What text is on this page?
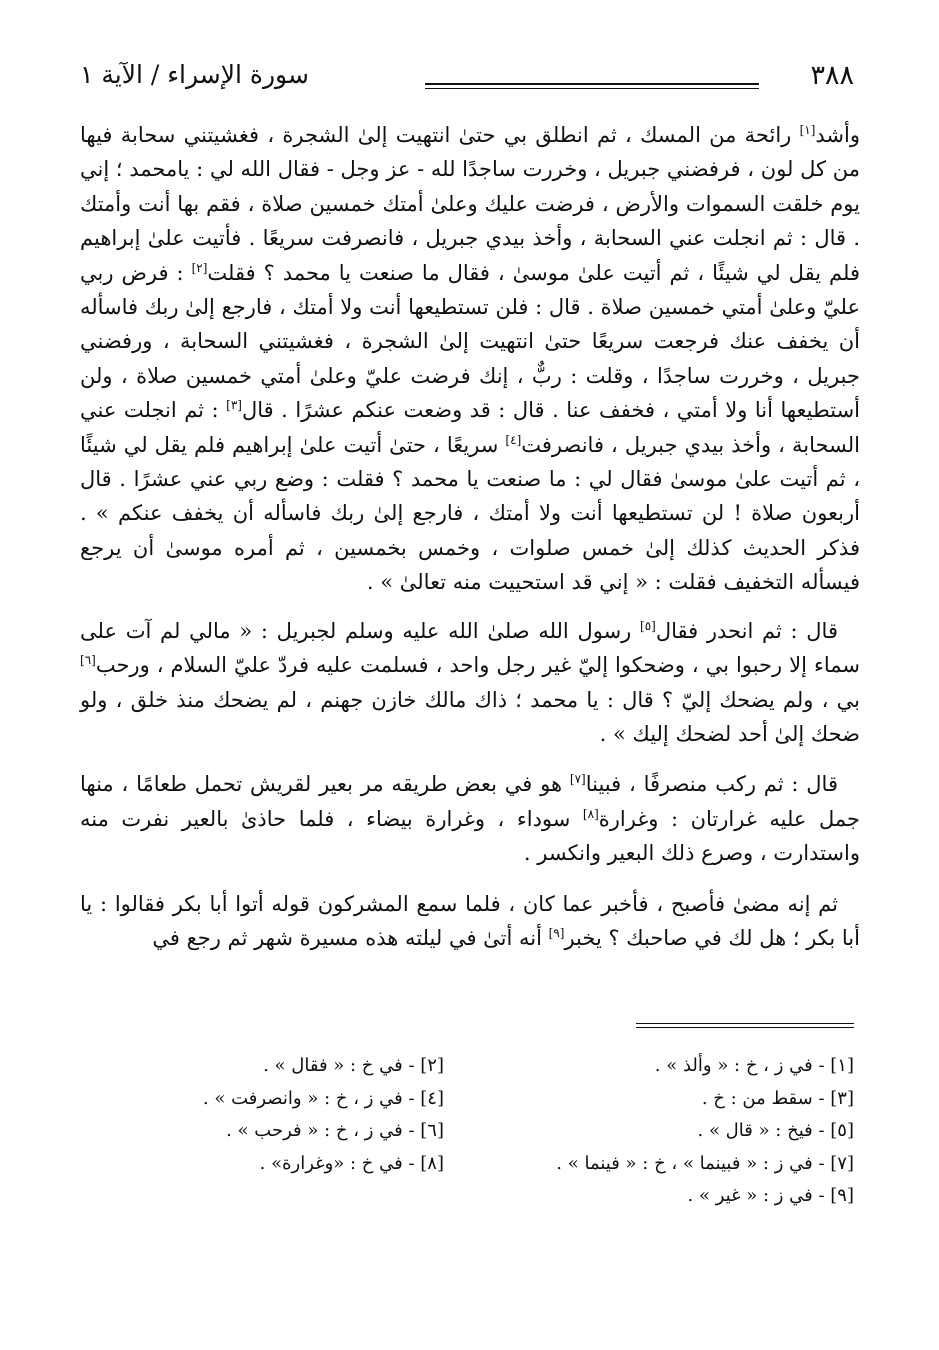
٣٨٨
سورة الإسراء / الآية ١

وأشد[١] رائحة من المسك ، ثم انطلق بي حتىٰ انتهيت إلىٰ الشجرة ، فغشيتني سحابة فيها من كل لون ، فرفضني جبريل ، وخررت ساجدًا لله - عز وجل - فقال الله لي : يامحمد ؛ إني يوم خلقت السموات والأرض ، فرضت عليك وعلىٰ أمتك خمسين صلاة ، فقم بها أنت وأمتك . قال : ثم انجلت عني السحابة ، وأخذ بيدي جبريل ، فانصرفت سريعًا . فأتيت علىٰ إبراهيم فلم يقل لي شيئًا ، ثم أتيت علىٰ موسىٰ ، فقال ما صنعت يا محمد ؟ فقلت[٢] : فرض ربي عليّ وعلىٰ أمتي خمسين صلاة . قال : فلن تستطيعها أنت ولا أمتك ، فارجع إلىٰ ربك فاسأله أن يخفف عنك فرجعت سريعًا حتىٰ انتهيت إلىٰ الشجرة ، فغشيتني السحابة ، ورفضني جبريل ، وخررت ساجدًا ، وقلت : ربٌّ ، إنك فرضت عليّ وعلىٰ أمتي خمسين صلاة ، ولن أستطيعها أنا ولا أمتي ، فخفف عنا . قال : قد وضعت عنكم عشرًا . قال[٣] : ثم انجلت عني السحابة ، وأخذ بيدي جبريل ، فانصرفت[٤] سريعًا ، حتىٰ أتيت علىٰ إبراهيم فلم يقل لي شيئًا ، ثم أتيت علىٰ موسىٰ فقال لي : ما صنعت يا محمد ؟ فقلت : وضع ربي عني عشرًا . قال أربعون صلاة ! لن تستطيعها أنت ولا أمتك ، فارجع إلىٰ ربك فاسأله أن يخفف عنكم » . فذكر الحديث كذلك إلىٰ خمس صلوات ، وخمس بخمسين ، ثم أمره موسىٰ أن يرجع فيسأله التخفيف فقلت : « إني قد استحييت منه تعالىٰ » .

قال : ثم انحدر فقال[٥] رسول الله صلىٰ الله عليه وسلم لجبريل : « مالي لم آت على سماء إلا رحبوا بي ، وضحكوا إليّ غير رجل واحد ، فسلمت عليه فردّ عليّ السلام ، ورحب[٦] بي ، ولم يضحك إليّ ؟ قال : يا محمد ؛ ذاك مالك خازن جهنم ، لم يضحك منذ خلق ، ولو ضحك إلىٰ أحد لضحك إليك » .

قال : ثم ركب منصرفًا ، فبينا[٧] هو في بعض طريقه مر بعير لقريش تحمل طعامًا ، منها جمل عليه غرارتان : وغرارة[٨] سوداء ، وغرارة بيضاء ، فلما حاذىٰ بالعير نفرت منه واستدارت ، وصرع ذلك البعير وانكسر .

ثم إنه مضىٰ فأصبح ، فأخبر عما كان ، فلما سمع المشركون قوله أتوا أبا بكر فقالوا : يا أبا بكر ؛ هل لك في صاحبك ؟ يخبر[٩] أنه أتىٰ في ليلته هذه مسيرة شهر ثم رجع في

[١] - في ز ، خ : « وألذ » .
[٢] - في خ : « فقال » .
[٣] - سقط من : خ .
[٤] - في ز ، خ : « وانصرفت » .
[٥] - فيخ : « قال » .
[٦] - في ز ، خ : « فرحب » .
[٧] - في ز : « فبينما » ، خ : « فينما » .
[٨] - في خ : «وغرارة» .
[٩] - في ز : « غير » .
